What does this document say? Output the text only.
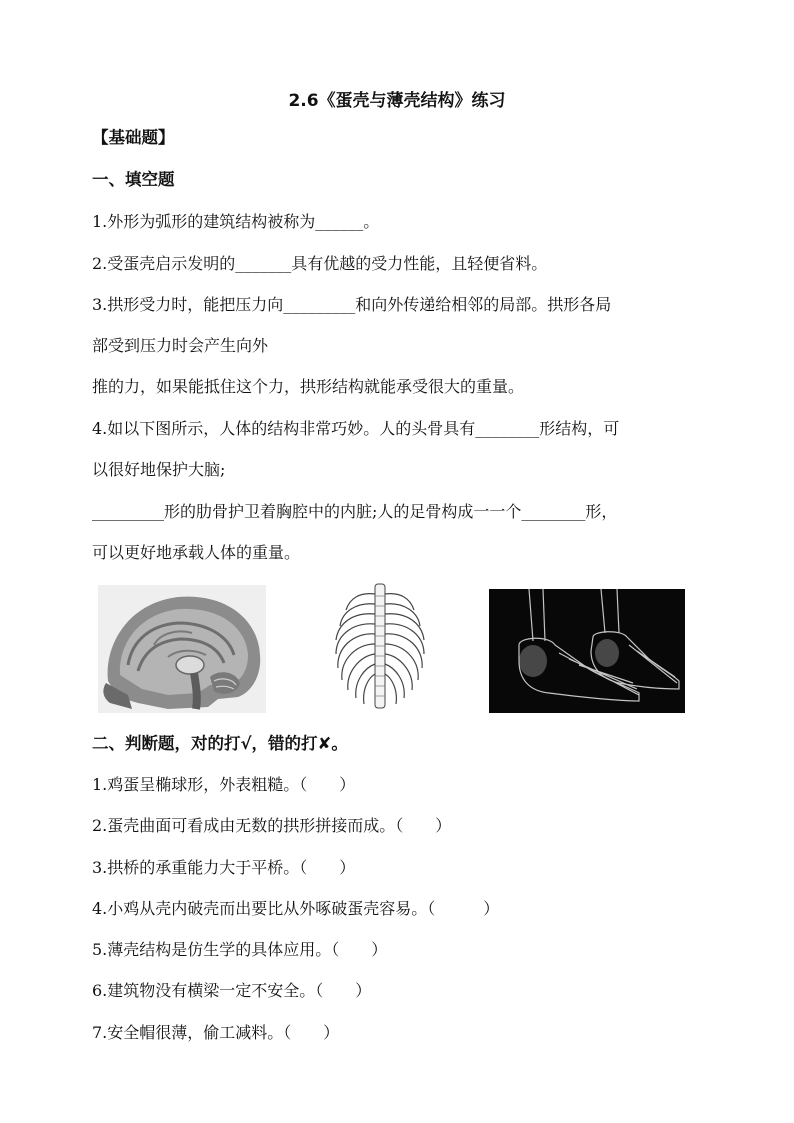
2.6《蛋壳与薄壳结构》练习
【基础题】
一、填空题
1.外形为弧形的建筑结构被称为______。
2.受蛋壳启示发明的_______具有优越的受力性能，且轻便省料。
3.拱形受力时，能把压力向_________和向外传递给相邻的局部。拱形各局
部受到压力时会产生向外
推的力，如果能抵住这个力，拱形结构就能承受很大的重量。
4.如以下图所示，人体的结构非常巧妙。人的头骨具有________形结构，可
以很好地保护大脑;
_________形的肋骨护卫着胸腔中的内脏;人的足骨构成一一个________形，
可以更好地承载人体的重量。
二、判断题，对的打√，错的打✘。
1.鸡蛋呈椭球形，外表粗糙。（　　）
2.蛋壳曲面可看成由无数的拱形拼接而成。（　　）
3.拱桥的承重能力大于平桥。（　　）
4.小鸡从壳内破壳而出要比从外啄破蛋壳容易。（　　　）
5.薄壳结构是仿生学的具体应用。（　　）
6.建筑物没有横梁一定不安全。（　　）
7.安全帽很薄，偷工减料。（　　）
